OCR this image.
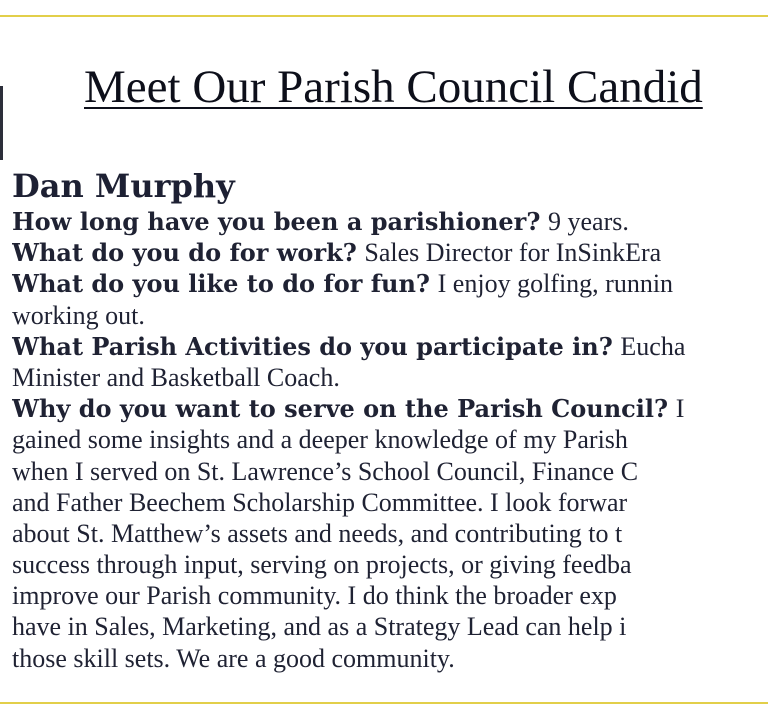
Meet Our Parish Council Candid
Dan Murphy
How long have you been a parishioner? 9 years.
What do you do for work? Sales Director for InSinkEra
What do you like to do for fun? I enjoy golfing, runnin
working out.
What Parish Activities do you participate in? Eucha
Minister and Basketball Coach.
Why do you want to serve on the Parish Council? I
gained some insights and a deeper knowledge of my Parish
when I served on St. Lawrence’s School Council, Finance C
and Father Beechem Scholarship Committee. I look forwar
about St. Matthew’s assets and needs, and contributing to t
success through input, serving on projects, or giving feedba
improve our Parish community. I do think the broader exp
have in Sales, Marketing, and as a Strategy Lead can help i
those skill sets. We are a good community.
